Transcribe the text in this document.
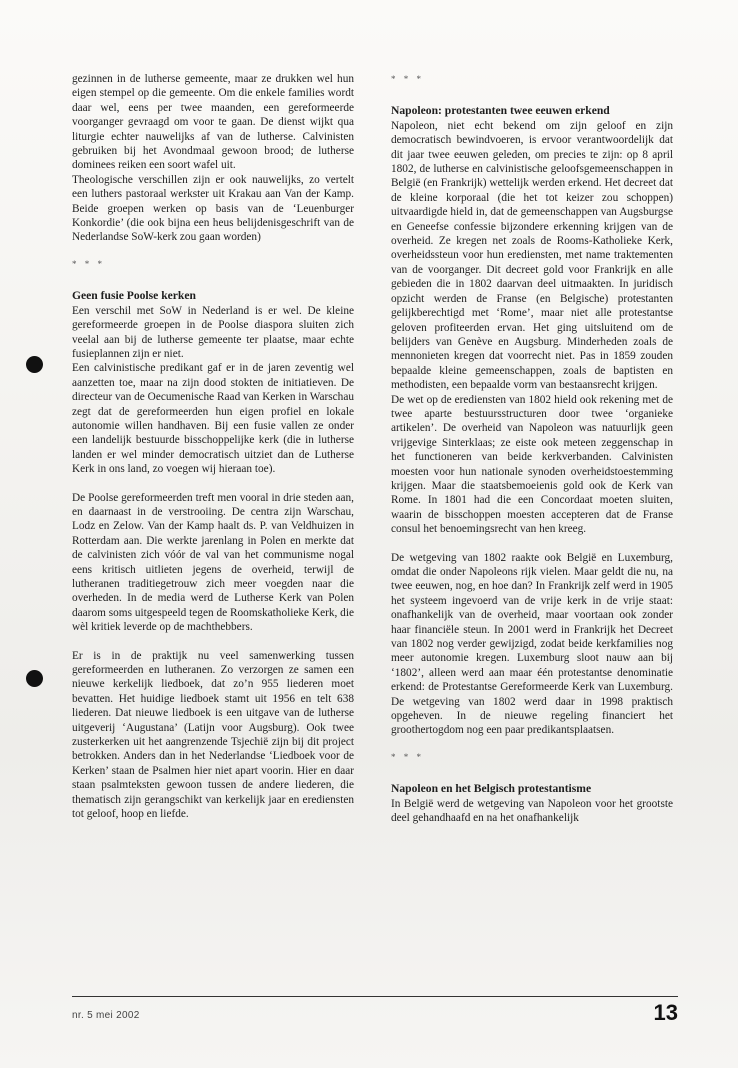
gezinnen in de lutherse gemeente, maar ze drukken wel hun eigen stempel op die gemeente. Om die enkele families wordt daar wel, eens per twee maanden, een gereformeerde voorganger gevraagd om voor te gaan. De dienst wijkt qua liturgie echter nauwelijks af van de lutherse. Calvinisten gebruiken bij het Avondmaal gewoon brood; de lutherse dominees reiken een soort wafel uit.

Theologische verschillen zijn er ook nauwelijks, zo vertelt een luthers pastoraal werkster uit Krakau aan Van der Kamp. Beide groepen werken op basis van de ‘Leuenburger Konkordie’ (die ook bijna een heus belijdenisgeschrift van de Nederlandse SoW-kerk zou gaan worden)

* * *
Geen fusie Poolse kerken

Een verschil met SoW in Nederland is er wel. De kleine gereformeerde groepen in de Poolse diaspora sluiten zich veelal aan bij de lutherse gemeente ter plaatse, maar echte fusieplannen zijn er niet.

Een calvinistische predikant gaf er in de jaren zeventig wel aanzetten toe, maar na zijn dood stokten de initiatieven. De directeur van de Oecumenische Raad van Kerken in Warschau zegt dat de gereformeerden hun eigen profiel en lokale autonomie willen handhaven. Bij een fusie vallen ze onder een landelijk bestuurde bisschoppelijke kerk (die in lutherse landen er wel minder democratisch uitziet dan de Lutherse Kerk in ons land, zo voegen wij hieraan toe).

De Poolse gereformeerden treft men vooral in drie steden aan, en daarnaast in de verstrooiing. De centra zijn Warschau, Lodz en Zelow. Van der Kamp haalt ds. P. van Veldhuizen in Rotterdam aan. Die werkte jarenlang in Polen en merkte dat de calvinisten zich vóór de val van het communisme nogal eens kritisch uitlieten jegens de overheid, terwijl de lutheranen traditiegetrouw zich meer voegden naar die overheden. In de media werd de Lutherse Kerk van Polen daarom soms uitgespeeld tegen de Roomskatholieke Kerk, die wèl kritiek leverde op de machthebbers.

Er is in de praktijk nu veel samenwerking tussen gereformeerden en lutheranen. Zo verzorgen ze samen een nieuwe kerkelijk liedboek, dat zo’n 955 liederen moet bevatten. Het huidige liedboek stamt uit 1956 en telt 638 liederen. Dat nieuwe liedboek is een uitgave van de lutherse uitgeverij ‘Augustana’ (Latijn voor Augsburg). Ook twee zusterkerken uit het aangrenzende Tsjechië zijn bij dit project betrokken. Anders dan in het Nederlandse ‘Liedboek voor de Kerken’ staan de Psalmen hier niet apart voorin. Hier en daar staan psalmteksten gewoon tussen de andere liederen, die thematisch zijn gerangschikt van kerkelijk jaar en erediensten tot geloof, hoop en liefde.

* * *
Napoleon: protestanten twee eeuwen erkend

Napoleon, niet echt bekend om zijn geloof en zijn democratisch bewindvoeren, is ervoor verantwoordelijk dat dit jaar twee eeuwen geleden, om precies te zijn: op 8 april 1802, de lutherse en calvinistische geloofsgemeenschappen in België (en Frankrijk) wettelijk werden erkend. Het decreet dat de kleine korporaal (die het tot keizer zou schoppen) uitvaardigde hield in, dat de gemeenschappen van Augsburgse en Geneefse confessie bijzondere erkenning krijgen van de overheid. Ze kregen net zoals de Rooms-Katholieke Kerk, overheidssteun voor hun erediensten, met name traktementen van de voorganger. Dit decreet gold voor Frankrijk en alle gebieden die in 1802 daarvan deel uitmaakten. In juridisch opzicht werden de Franse (en Belgische) protestanten gelijkberechtigd met ‘Rome’, maar niet alle protestantse geloven profiteerden ervan. Het ging uitsluitend om de belijders van Genève en Augsburg. Minderheden zoals de mennonieten kregen dat voorrecht niet. Pas in 1859 zouden bepaalde kleine gemeenschappen, zoals de baptisten en methodisten, een bepaalde vorm van bestaansrecht krijgen.

De wet op de erediensten van 1802 hield ook rekening met de twee aparte bestuursstructuren door twee ‘organieke artikelen’. De overheid van Napoleon was natuurlijk geen vrijgevige Sinterklaas; ze eiste ook meteen zeggenschap in het functioneren van beide kerkverbanden. Calvinisten moesten voor hun nationale synoden overheidstoestemming krijgen. Maar die staatsbemoeienis gold ook de Kerk van Rome. In 1801 had die een Concordaat moeten sluiten, waarin de bisschoppen moesten accepteren dat de Franse consul het benoemingsrecht van hen kreeg.

De wetgeving van 1802 raakte ook België en Luxemburg, omdat die onder Napoleons rijk vielen. Maar geldt die nu, na twee eeuwen, nog, en hoe dan? In Frankrijk zelf werd in 1905 het systeem ingevoerd van de vrije kerk in de vrije staat: onafhankelijk van de overheid, maar voortaan ook zonder haar financiële steun. In 2001 werd in Frankrijk het Decreet van 1802 nog verder gewijzigd, zodat beide kerkfamilies nog meer autonomie kregen. Luxemburg sloot nauw aan bij ‘1802’, alleen werd aan maar één protestantse denominatie erkend: de Protestantse Gereformeerde Kerk van Luxemburg. De wetgeving van 1802 werd daar in 1998 praktisch opgeheven. In de nieuwe regeling financiert het groothertogdom nog een paar predikantsplaatsen.

* * *
Napoleon en het Belgisch protestantisme

In België werd de wetgeving van Napoleon voor het grootste deel gehandhaafd en na het onafhankelijk

nr. 5 mei 2002	13
